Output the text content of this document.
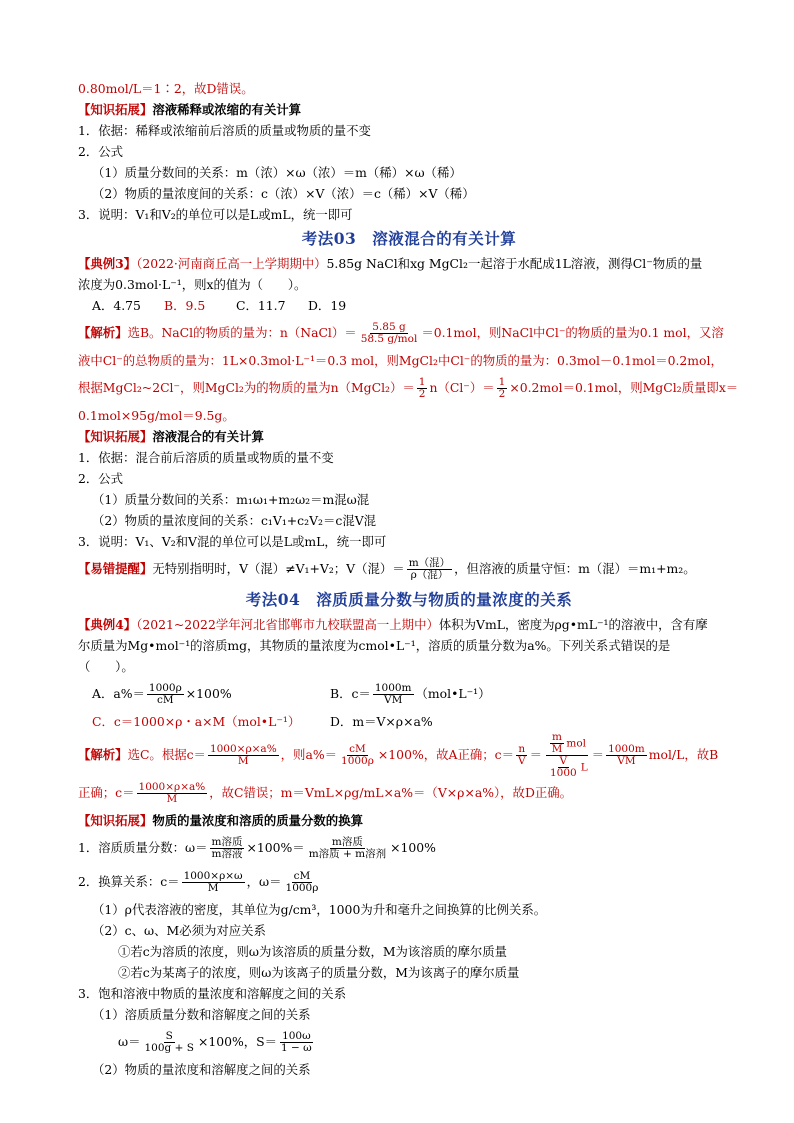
0.80mol/L＝1∶2，故D错误。
【知识拓展】溶液稀释或浓缩的有关计算
1．依据：稀释或浓缩前后溶质的质量或物质的量不变
2．公式
（1）质量分数间的关系：m（浓）×ω（浓）＝m（稀）×ω（稀）
（2）物质的量浓度间的关系：c（浓）×V（浓）＝c（稀）×V（稀）
3．说明：V₁和V₂的单位可以是L或mL，统一即可
考法03　溶液混合的有关计算
【典例3】（2022·河南商丘高一上学期期中）5.85g NaCl和xg MgCl₂一起溶于水配成1L溶液，测得Cl⁻物质的量
浓度为0.3mol·L⁻¹，则x的值为（　　）。
A．4.75 B．9.5 C．11.7 D．19
【解析】选B。NaCl的物质的量为：n（NaCl）＝ $\frac{5.85 g}{\text{58.5 g/mol}} =0.1mol$，则NaCl中Cl⁻的物质的量为0.1 mol，又溶
液中Cl⁻的总物质的量为：1L×0.3mol·L⁻¹＝0.3 mol，则MgCl₂中Cl⁻的物质的量为：0.3mol－0.1mol＝0.2mol，
根据MgCl₂~2Cl⁻，则MgCl₂为的物质的量为n（MgCl₂）＝ $\frac{1}{2} n(Cl^-)= \frac{1}{2} \times 0.2mol=0.1mol$，则MgCl₂质量即x＝
0.1mol×95g/mol＝9.5g。
【知识拓展】溶液混合的有关计算
1．依据：混合前后溶质的质量或物质的量不变
2．公式
（1）质量分数间的关系：m₁ω₁+m₂ω₂＝m混ω混
（2）物质的量浓度间的关系：c₁V₁+c₂V₂＝c混V混
3．说明：V₁、V₂和V混的单位可以是L或mL，统一即可
【易错提醒】无特别指明时，V（混）≠V₁+V₂；V（混）＝ $\frac{\text{m（混）}}{\text{ρ（混）}}$ ，但溶液的质量守恒：m（混）＝m₁+m₂。
考法04　溶质质量分数与物质的量浓度的关系
【典例4】（2021~2022学年河北省邯郸市九校联盟高一上期中）体积为VmL，密度为ρg•mL⁻¹的溶液中，含有摩
尔质量为Mg•mol⁻¹的溶质mg，其物质的量浓度为cmol•L⁻¹，溶质的质量分数为a%。下列关系式错误的是
（　　）。
A．$a\%= \frac{1000\rho}{cM} \times 100\%$	B．$c= \frac{1000m}{VM}$ （mol•L⁻¹）
C．c＝1000×ρ・a×M（mol•L⁻¹） D．m＝V×ρ×a%
【解析】选C。根据$c= \frac{1000\times\rho\times a\%}{M}$ ，则$a\%= \frac{cM}{1000\rho} \times 100\%$，故A正确；$c= \frac{n}{V} = \frac{\frac{m}{M} mol}{\frac{V}{1000} L} = \frac{1000m}{VM} mol/L$，故B
正确；$c= \frac{1000\times\rho\times a\%}{M}$ ，故C错误；m＝VmL×ρg/mL×a%＝（V×ρ×a%），故D正确。
【知识拓展】物质的量浓度和溶质的质量分数的换算
1．溶质质量分数：$\omega= \frac{\text{m溶质}}{\text{m溶液}} \times 100\%= \frac{\text{m溶质}}{\text{m溶质 + m溶剂}} \times 100\%$
2．换算关系：$c= \frac{1000\times\rho\times\omega}{M}$ ，$\omega= \frac{cM}{1000\rho}$
（1）ρ代表溶液的密度，其单位为g/cm³，1000为升和毫升之间换算的比例关系。
（2）c、ω、M必须为对应关系
①若c为溶质的浓度，则ω为该溶质的质量分数，M为该溶质的摩尔质量
②若c为某离子的浓度，则ω为该离子的质量分数，M为该离子的摩尔质量
3．饱和溶液中物质的量浓度和溶解度之间的关系
（1）溶质质量分数和溶解度之间的关系
$\omega= \frac{S}{100g + S} \times 100\%$，$S= \frac{100\omega}{1 - \omega}$
（2）物质的量浓度和溶解度之间的关系
